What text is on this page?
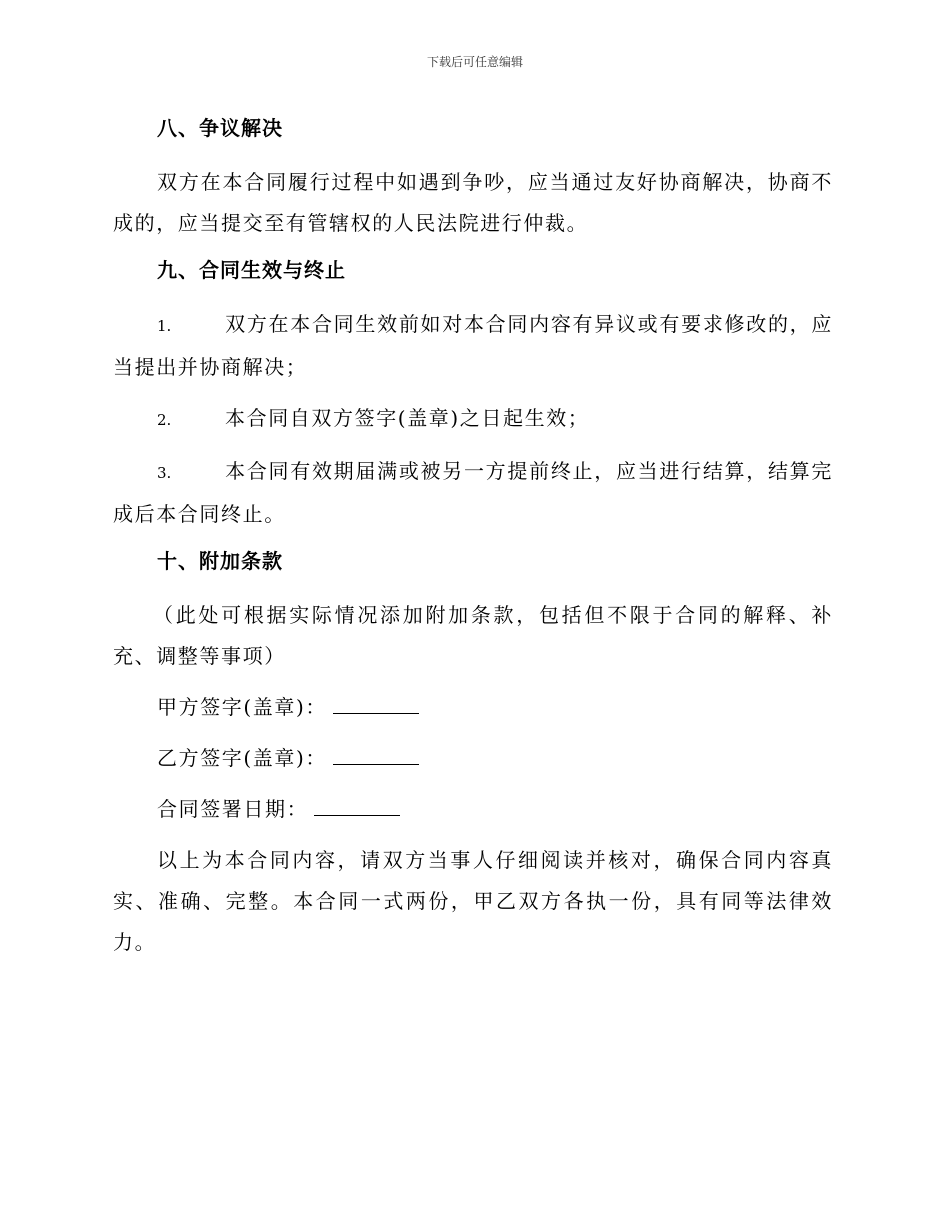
下载后可任意编辑
八、争议解决

双方在本合同履行过程中如遇到争吵，应当通过友好协商解决，协商不成的，应当提交至有管辖权的人民法院进行仲裁。

九、合同生效与终止

1.	双方在本合同生效前如对本合同内容有异议或有要求修改的，应当提出并协商解决；

2.	本合同自双方签字(盖章)之日起生效；

3.	本合同有效期届满或被另一方提前终止，应当进行结算，结算完成后本合同终止。

十、附加条款

（此处可根据实际情况添加附加条款，包括但不限于合同的解释、补充、调整等事项）

甲方签字(盖章)：

乙方签字(盖章)：

合同签署日期：

以上为本合同内容，请双方当事人仔细阅读并核对，确保合同内容真实、准确、完整。本合同一式两份，甲乙双方各执一份，具有同等法律效力。
